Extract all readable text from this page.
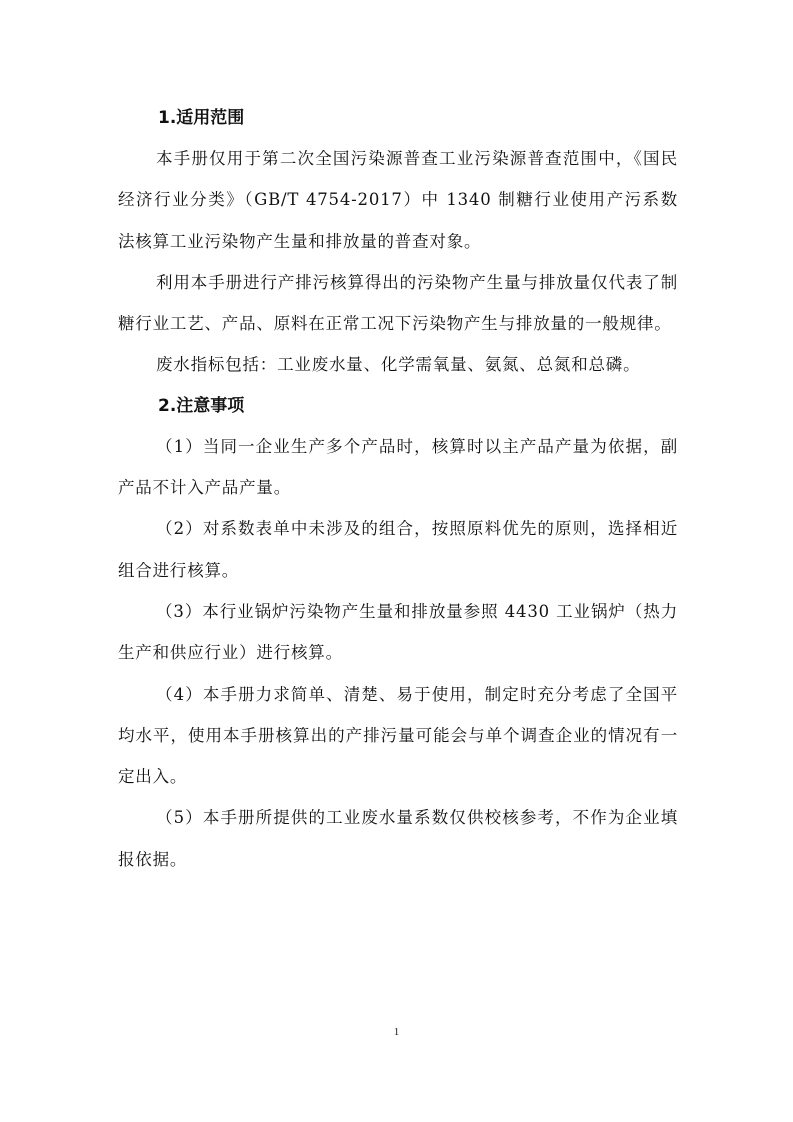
1.适用范围

本手册仅用于第二次全国污染源普查工业污染源普查范围中，《国民经济行业分类》（GB/T 4754-2017）中 1340 制糖行业使用产污系数法核算工业污染物产生量和排放量的普查对象。

利用本手册进行产排污核算得出的污染物产生量与排放量仅代表了制糖行业工艺、产品、原料在正常工况下污染物产生与排放量的一般规律。

废水指标包括：工业废水量、化学需氧量、氨氮、总氮和总磷。

2.注意事项

（1）当同一企业生产多个产品时，核算时以主产品产量为依据，副产品不计入产品产量。

（2）对系数表单中未涉及的组合，按照原料优先的原则，选择相近组合进行核算。

（3）本行业锅炉污染物产生量和排放量参照 4430 工业锅炉（热力生产和供应行业）进行核算。

（4）本手册力求简单、清楚、易于使用，制定时充分考虑了全国平均水平，使用本手册核算出的产排污量可能会与单个调查企业的情况有一定出入。

（5）本手册所提供的工业废水量系数仅供校核参考，不作为企业填报依据。

1
